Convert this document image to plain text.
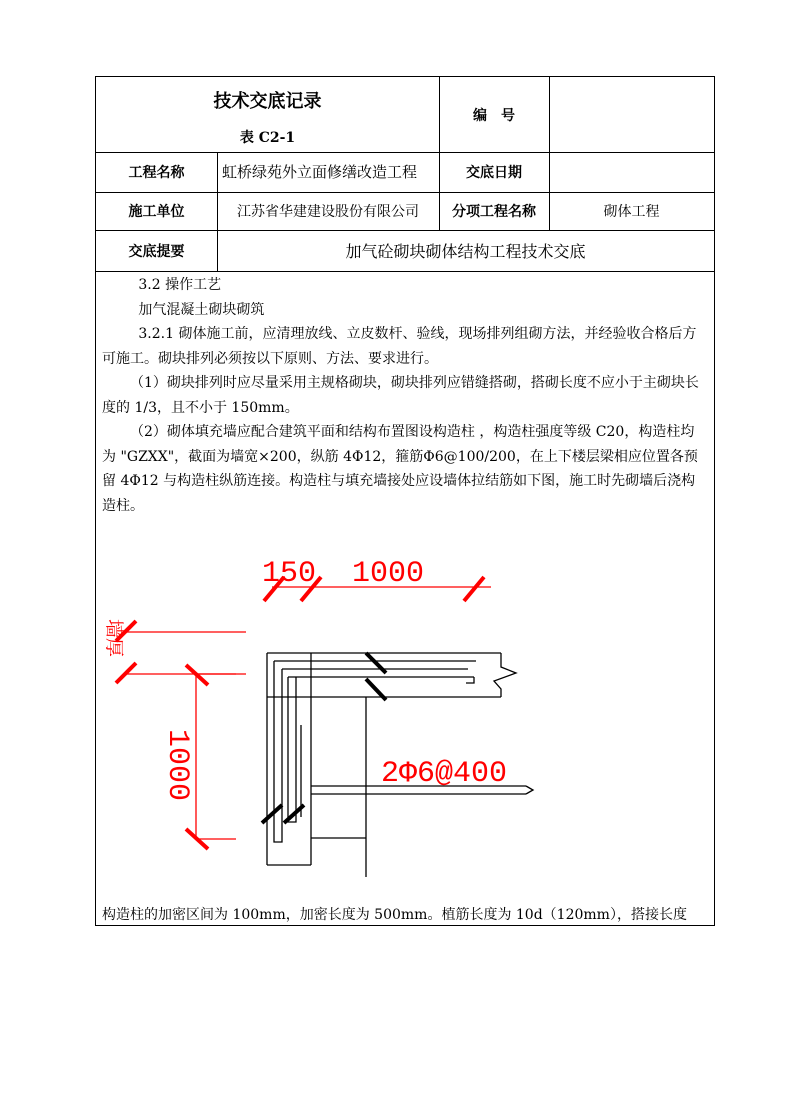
技术交底记录
表 C2-1
编　号
工程名称	虹桥绿苑外立面修缮改造工程	交底日期
施工单位	江苏省华建建设股份有限公司	分项工程名称	砌体工程
交底提要	加气砼砌块砌体结构工程技术交底

3.2 操作工艺

加气混凝土砌块砌筑

3.2.1 砌体施工前，应清理放线、立皮数杆、验线，现场排列组砌方法，并经验收合格后方可施工。砌块排列必须按以下原则、方法、要求进行。

（1）砌块排列时应尽量采用主规格砌块，砌块排列应错缝搭砌，搭砌长度不应小于主砌块长度的 1/3，且不小于 150mm。

（2）砌体填充墙应配合建筑平面和结构布置图设构造柱 ，构造柱强度等级 C20，构造柱均为 "GZXX"，截面为墙宽×200，纵筋 4Φ12，箍筋Φ6@100/200，在上下楼层梁相应位置各预留 4Φ12 与构造柱纵筋连接。构造柱与填充墙接处应设墙体拉结筋如下图，施工时先砌墙后浇构造柱。

150 1000
墙厚
1000	2Φ6@400

构造柱的加密区间为 100mm，加密长度为 500mm。植筋长度为 10d（120mm），搭接长度
